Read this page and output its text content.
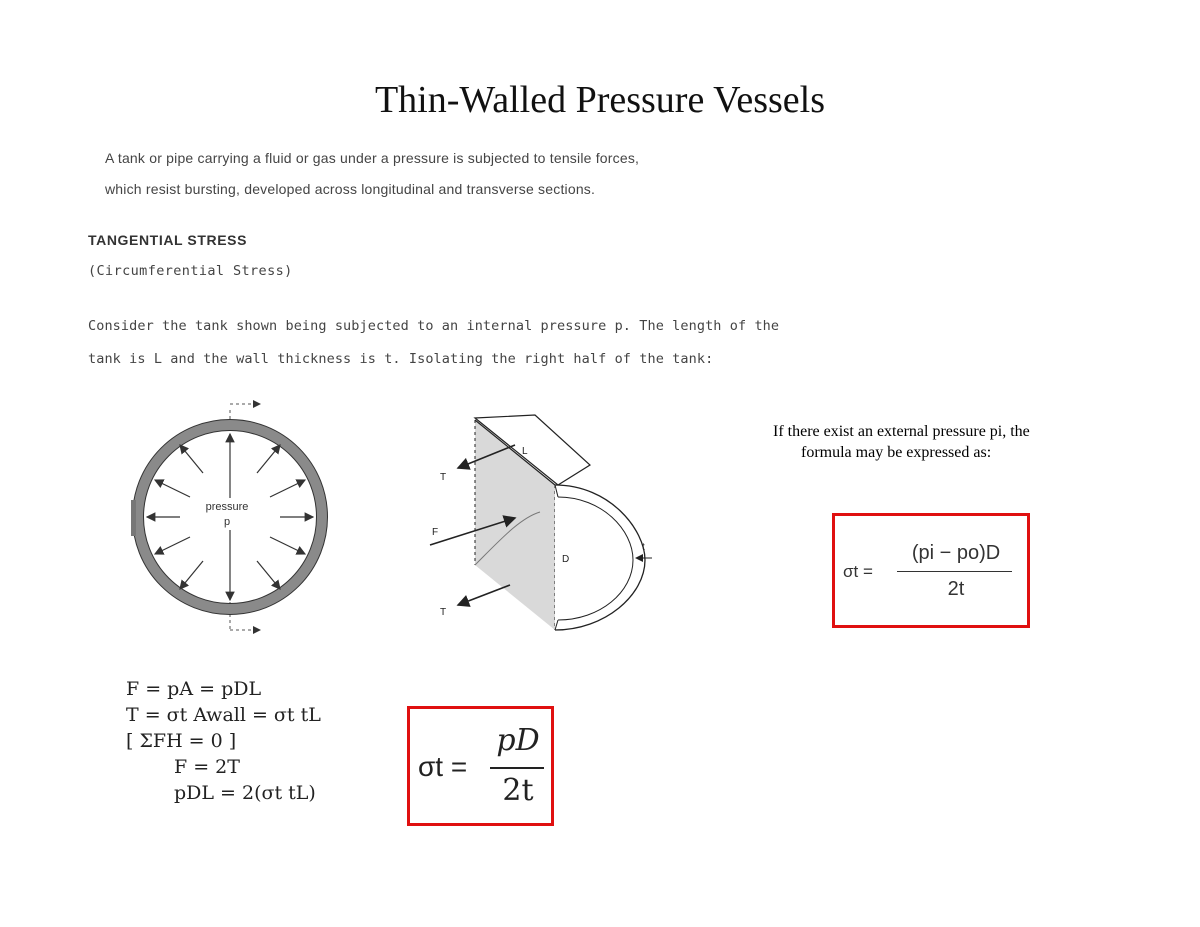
Thin-Walled Pressure Vessels
A tank or pipe carrying a fluid or gas under a pressure is subjected to tensile forces,
which resist bursting, developed across longitudinal and transverse sections.
TANGENTIAL STRESS
(Circumferential Stress)
Consider the tank shown being subjected to an internal pressure p. The length of the
tank is L and the wall thickness is t. Isolating the right half of the tank:
pressure
p
T
T
F
L
D
t
F = pA = pDL
T = σt Awall = σt tL
[ ΣFH = 0 ]
F = 2T
pDL = 2(σt tL)
σt =
pD
2t
If there exist an external pressure pi, the
formula may be expressed as:
σt =
(pi − po)D
2t
